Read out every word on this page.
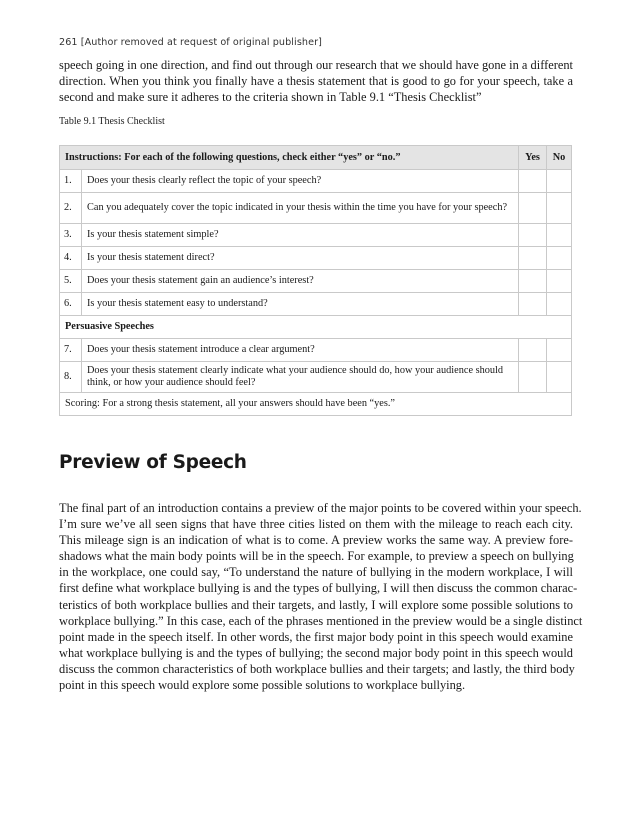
261 [Author removed at request of original publisher]

speech going in one direction, and find out through our research that we should have gone in a different
direction. When you think you finally have a thesis statement that is good to go for your speech, take a
second and make sure it adheres to the criteria shown in Table 9.1 “Thesis Checklist”

Table 9.1 Thesis Checklist
Instructions: For each of the following questions, check either “yes” or “no.”		Yes	No
1.	Does your thesis clearly reflect the topic of your speech?		
2.	Can you adequately cover the topic indicated in your thesis within the time you have for your speech?		
3.	Is your thesis statement simple?		
4.	Is your thesis statement direct?		
5.	Does your thesis statement gain an audience’s interest?		
6.	Is your thesis statement easy to understand?		
Persuasive Speeches			
7.	Does your thesis statement introduce a clear argument?		
8.	Does your thesis statement clearly indicate what your audience should do, how your audience should think, or how your audience should feel?		
Scoring: For a strong thesis statement, all your answers should have been “yes.”			
Preview of Speech

The final part of an introduction contains a preview of the major points to be covered within your speech.
I’m sure we’ve all seen signs that have three cities listed on them with the mileage to reach each city.
This mileage sign is an indication of what is to come. A preview works the same way. A preview fore-
shadows what the main body points will be in the speech. For example, to preview a speech on bullying
in the workplace, one could say, “To understand the nature of bullying in the modern workplace, I will
first define what workplace bullying is and the types of bullying, I will then discuss the common charac-
teristics of both workplace bullies and their targets, and lastly, I will explore some possible solutions to
workplace bullying.” In this case, each of the phrases mentioned in the preview would be a single distinct
point made in the speech itself. In other words, the first major body point in this speech would examine
what workplace bullying is and the types of bullying; the second major body point in this speech would
discuss the common characteristics of both workplace bullies and their targets; and lastly, the third body
point in this speech would explore some possible solutions to workplace bullying.
